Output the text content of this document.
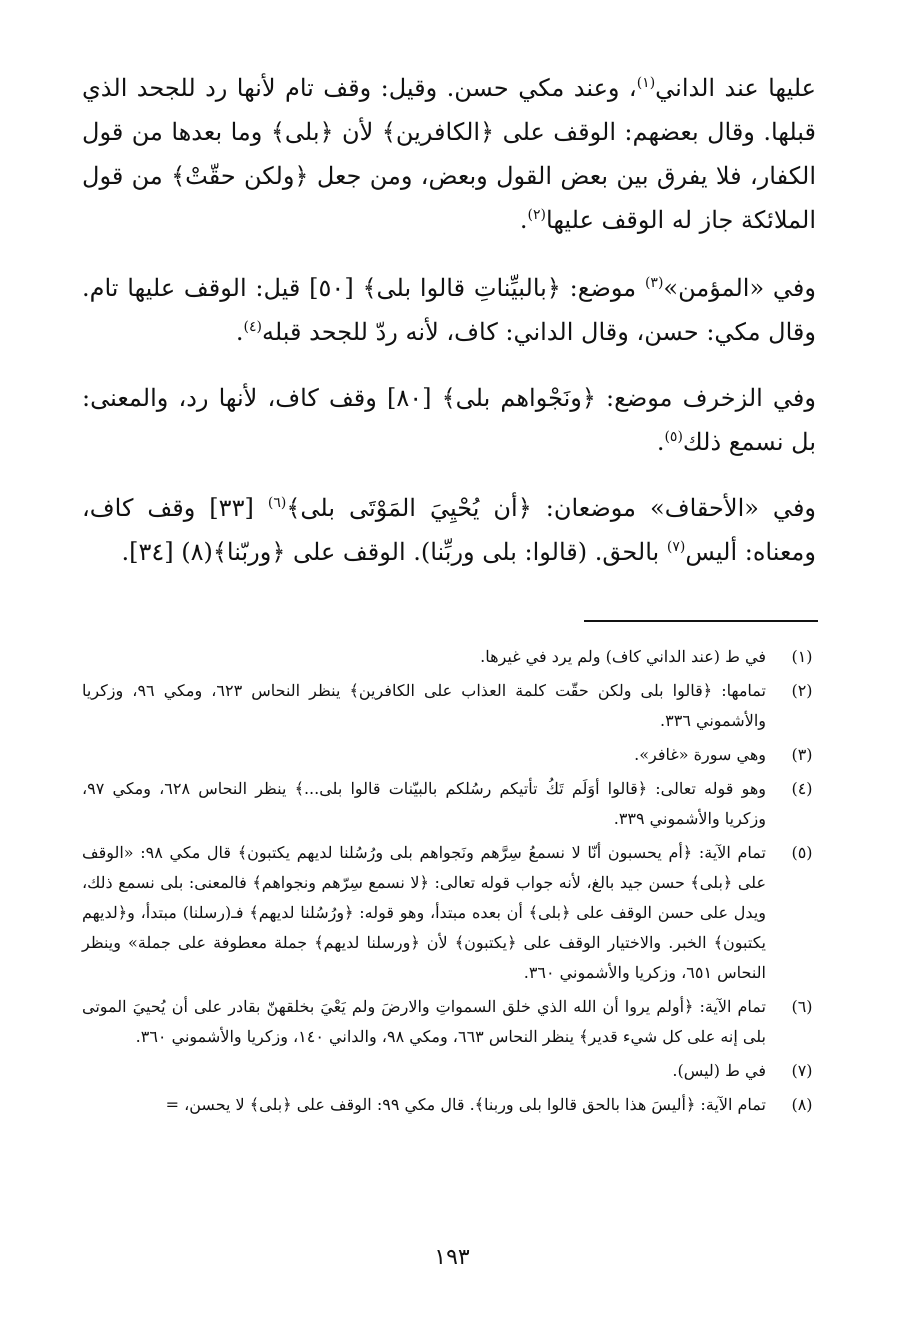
عليها عند الداني$^{(١)}$، وعند مكي حسن. وقيل: وقف تام لأنها رد للجحد الذي قبلها. وقال بعضهم: الوقف على ﴿الكافرين﴾ لأن ﴿بلى﴾ وما بعدها من قول الكفار، فلا يفرق بين بعض القول وبعض، ومن جعل ﴿ولكن حقّتْ﴾ من قول الملائكة جاز له الوقف عليها$^{(٢)}$.

وفي «المؤمن»$^{(٣)}$ موضع: ﴿بالبيِّناتِ قالوا بلى﴾ [٥٠] قيل: الوقف عليها تام. وقال مكي: حسن، وقال الداني: كاف، لأنه ردّ للجحد قبله$^{(٤)}$.

وفي الزخرف موضع: ﴿ونَجْواهم بلى﴾ [٨٠] وقف كاف، لأنها رد، والمعنى: بل نسمع ذلك$^{(٥)}$.

وفي «الأحقاف» موضعان: ﴿أن يُحْيِيَ المَوْتَى بلى﴾$^{(٦)}$ [٣٣] وقف كاف، ومعناه: أليس$^{(٧)}$ بالحق. (قالوا: بلى وربِّنا). الوقف على ﴿وربّنا﴾(٨) [٣٤].

(١)
في ط (عند الداني كاف) ولم يرد في غيرها.
(٢)
تمامها: ﴿قالوا بلى ولكن حقّت كلمة العذاب على الكافرين﴾ ينظر النحاس ٦٢٣، ومكي ٩٦، وزكريا والأشموني ٣٣٦.
(٣)
وهي سورة «غافر».
(٤)
وهو قوله تعالى: ﴿قالوا أوَلَم تَكُ تأتيكم رسُلكم بالبيّنات قالوا بلى...﴾ ينظر النحاس ٦٢٨، ومكي ٩٧، وزكريا والأشموني ٣٣٩.
(٥)
تمام الآية: ﴿أم يحسبون أنّا لا نسمعُ سِرَّهم ونَجواهم بلى ورُسُلنا لديهم يكتبون﴾ قال مكي ٩٨: «الوقف على ﴿بلى﴾ حسن جيد بالغ، لأنه جواب قوله تعالى: ﴿لا نسمع سِرّهم ونجواهم﴾ فالمعنى: بلى نسمع ذلك، ويدل على حسن الوقف على ﴿بلى﴾ أن بعده مبتدأ، وهو قوله: ﴿ورُسُلنا لديهم﴾ فـ(رسلنا) مبتدأ، و﴿لديهم يكتبون﴾ الخبر. والاختيار الوقف على ﴿يكتبون﴾ لأن ﴿ورسلنا لديهم﴾ جملة معطوفة على جملة» وينظر النحاس ٦٥١، وزكريا والأشموني ٣٦٠.
(٦)
تمام الآية: ﴿أولم يروا أن الله الذي خلق السمواتِ والارضَ ولم يَعْيَ بخلقهنّ بقادر على أن يُحييَ الموتى بلى إنه على كل شيء قدير﴾ ينظر النحاس ٦٦٣، ومكي ٩٨، والداني ١٤٠، وزكريا والأشموني ٣٦٠.
(٧)
في ط (ليس).
(٨)
تمام الآية: ﴿أليسَ هذا بالحق قالوا بلى وربنا﴾. قال مكي ٩٩: الوقف على ﴿بلى﴾ لا يحسن، =
١٩٣
